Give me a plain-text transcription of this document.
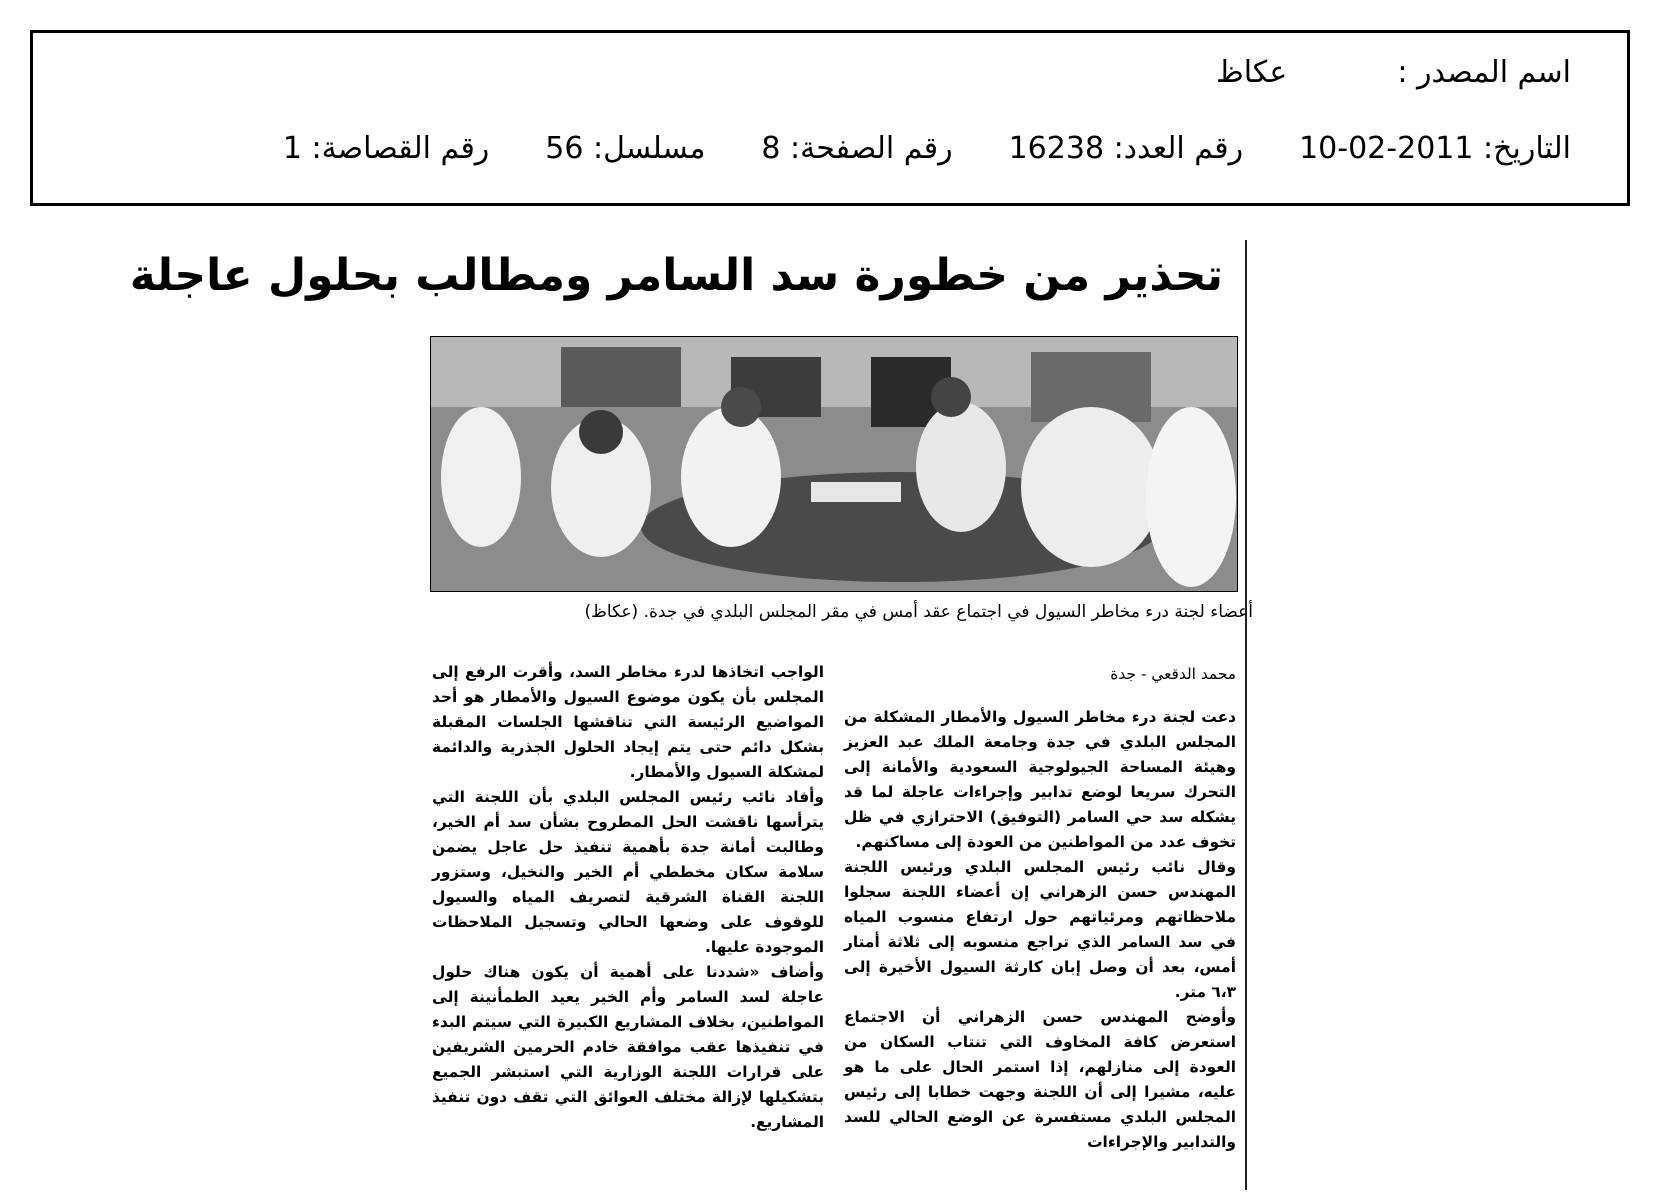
اسم المصدر :عكاظ
التاريخ: 2011-02-10رقم العدد: 16238رقم الصفحة: 8مسلسل: 56رقم القصاصة: 1
تحذير من خطورة سد السامر ومطالب بحلول عاجلة
أعضاء لجنة درء مخاطر السيول في اجتماع عقد أمس في مقر المجلس البلدي في جدة. (عكاظ)
محمد الدقعي - جدة

دعت لجنة درء مخاطر السيول والأمطار المشكلة من المجلس البلدي في جدة وجامعة الملك عبد العزيز وهيئة المساحة الجيولوجية السعودية والأمانة إلى التحرك سريعا لوضع تدابير وإجراءات عاجلة لما قد يشكله سد حي السامر (التوفيق) الاحترازي في ظل تخوف عدد من المواطنين من العودة إلى مساكنهم.

وقال نائب رئيس المجلس البلدي ورئيس اللجنة المهندس حسن الزهراني إن أعضاء اللجنة سجلوا ملاحظاتهم ومرئياتهم حول ارتفاع منسوب المياه في سد السامر الذي تراجع منسوبه إلى ثلاثة أمتار أمس، بعد أن وصل إبان كارثة السيول الأخيرة إلى ٦،٣ متر.

وأوضح المهندس حسن الزهراني أن الاجتماع استعرض كافة المخاوف التي تنتاب السكان من العودة إلى منازلهم، إذا استمر الحال على ما هو عليه، مشيرا إلى أن اللجنة وجهت خطابا إلى رئيس المجلس البلدي مستفسرة عن الوضع الحالي للسد والتدابير والإجراءات

الواجب اتخاذها لدرء مخاطر السد، وأقرت الرفع إلى المجلس بأن يكون موضوع السيول والأمطار هو أحد المواضيع الرئيسة التي تناقشها الجلسات المقبلة بشكل دائم حتى يتم إيجاد الحلول الجذرية والدائمة لمشكلة السيول والأمطار.

وأفاد نائب رئيس المجلس البلدي بأن اللجنة التي يترأسها ناقشت الحل المطروح بشأن سد أم الخير، وطالبت أمانة جدة بأهمية تنفيذ حل عاجل يضمن سلامة سكان مخططي أم الخير والنخيل، وستزور اللجنة القناة الشرقية لتصريف المياه والسيول للوقوف على وضعها الحالي وتسجيل الملاحظات الموجودة عليها.

وأضاف «شددنا على أهمية أن يكون هناك حلول عاجلة لسد السامر وأم الخير يعيد الطمأنينة إلى المواطنين، بخلاف المشاريع الكبيرة التي سيتم البدء في تنفيذها عقب موافقة خادم الحرمين الشريفين على قرارات اللجنة الوزارية التي استبشر الجميع بتشكيلها لإزالة مختلف العوائق التي تقف دون تنفيذ المشاريع.
